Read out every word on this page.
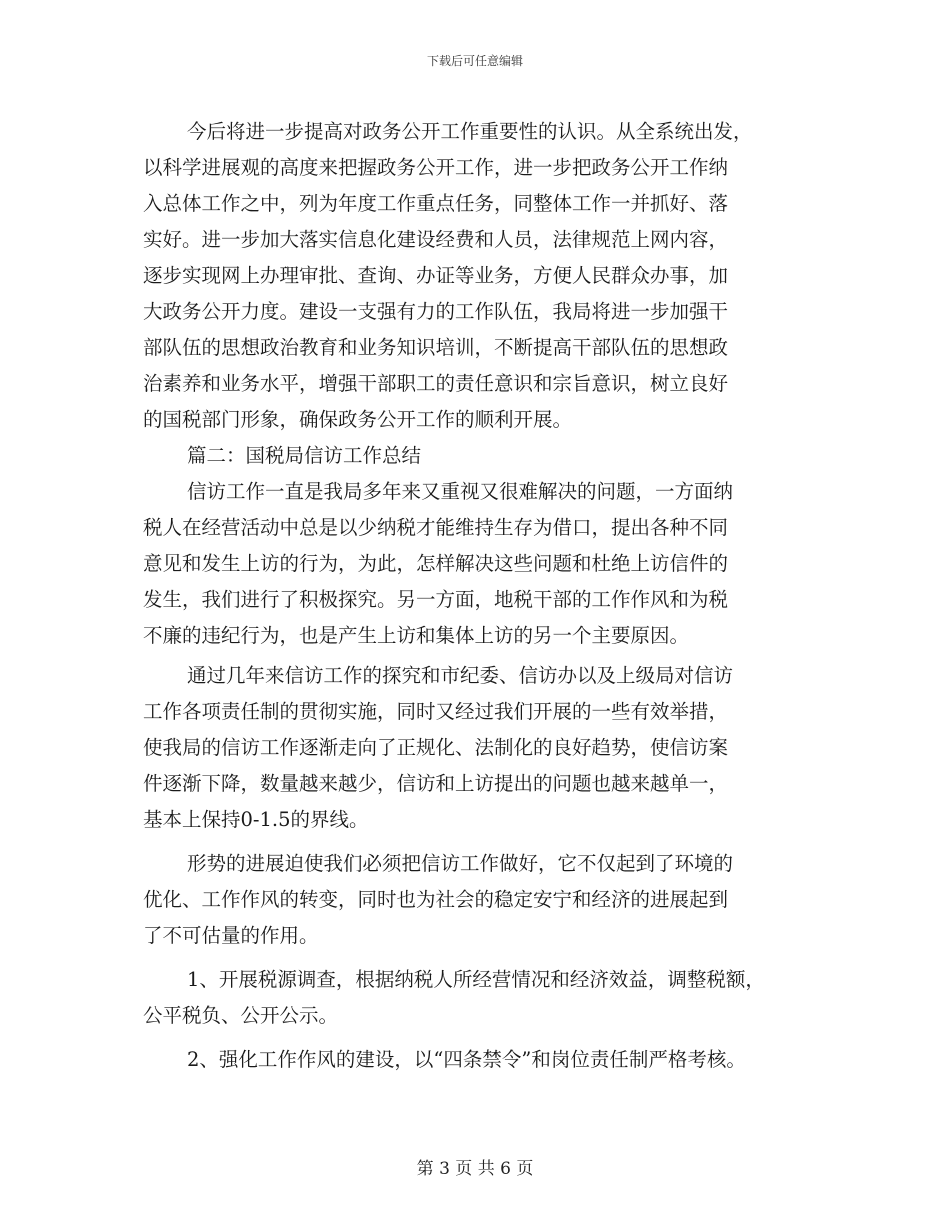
下载后可任意编辑
今后将进一步提高对政务公开工作重要性的认识。从全系统出发，
以科学进展观的高度来把握政务公开工作，进一步把政务公开工作纳
入总体工作之中，列为年度工作重点任务，同整体工作一并抓好、落
实好。进一步加大落实信息化建设经费和人员，法律规范上网内容，
逐步实现网上办理审批、查询、办证等业务，方便人民群众办事，加
大政务公开力度。建设一支强有力的工作队伍，我局将进一步加强干
部队伍的思想政治教育和业务知识培训，不断提高干部队伍的思想政
治素养和业务水平，增强干部职工的责任意识和宗旨意识，树立良好
的国税部门形象，确保政务公开工作的顺利开展。
篇二：国税局信访工作总结
信访工作一直是我局多年来又重视又很难解决的问题，一方面纳
税人在经营活动中总是以少纳税才能维持生存为借口，提出各种不同
意见和发生上访的行为，为此，怎样解决这些问题和杜绝上访信件的
发生，我们进行了积极探究。另一方面，地税干部的工作作风和为税
不廉的违纪行为，也是产生上访和集体上访的另一个主要原因。
通过几年来信访工作的探究和市纪委、信访办以及上级局对信访
工作各项责任制的贯彻实施，同时又经过我们开展的一些有效举措，
使我局的信访工作逐渐走向了正规化、法制化的良好趋势，使信访案
件逐渐下降，数量越来越少，信访和上访提出的问题也越来越单一，
基本上保持0-1.5的界线。
形势的进展迫使我们必须把信访工作做好，它不仅起到了环境的
优化、工作作风的转变，同时也为社会的稳定安宁和经济的进展起到
了不可估量的作用。
1、开展税源调查，根据纳税人所经营情况和经济效益，调整税额，
公平税负、公开公示。
2、强化工作作风的建设，以“四条禁令”和岗位责任制严格考核。
第 3 页 共 6 页
